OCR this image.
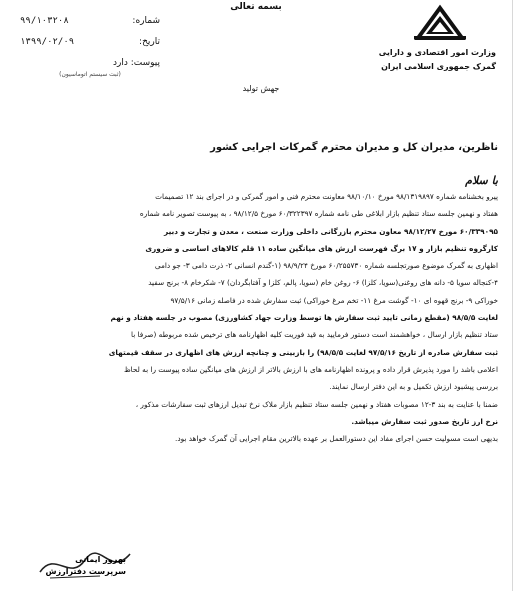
بسمه تعالی
شماره:
۹۹/۱۰۳۲۰۸
تاریخ:
۱۳۹۹/۰۲/۰۹
پیوست: دارد
(ثبت سیستم اتوماسیون)
وزارت امور اقتصادی و دارایی
گمرک جمهوری اسلامی ایران
جهش تولید
ناظرین، مدیران کل و مدیران محترم گمرکات اجرایی کشور
با سلام
پیرو بخشنامه شماره ۹۸/۱۳۱۹۸۹۷ مورخ ۹۸/۱۰/۱۰ معاونت محترم فنی و امور گمرکی و در اجرای بند ۱۲ تصمیمات
هفتاد و نهمین جلسه ستاد تنظیم بازار ابلاغی طی نامه شماره ۶۰/۳۲۲۳۹۷ مورخ ۹۸/۱۲/۵ ، به پیوست تصویر نامه شماره
۶۰/۳۳۹۰۹۵ مورخ ۹۸/۱۲/۲۷ معاون محترم بازرگانی داخلی وزارت صنعت ، معدن و تجارت و دبیر
کارگروه تنظیم بازار و ۱۷ برگ فهرست ارزش های میانگین ساده ۱۱ قلم کالاهای اساسی و ضروری
اظهاری به گمرک موضوع صورتجلسه شماره ۶۰/۲۵۵۷۳۰ مورخ ۹۸/۹/۲۴ (۱-گندم انسانی ۲- ذرت دامی ۳- جو دامی
۴-کنجاله سویا ۵- دانه های روغنی(سویا، کلزا) ۶- روغن خام (سویا، پالم، کلزا و آفتابگردان) ۷- شکرخام ۸- برنج سفید
خوراکی ۹- برنج قهوه ای ۱۰- گوشت مرغ ۱۱- تخم مرغ خوراکی) ثبت سفارش شده در فاصله زمانی ۹۷/۵/۱۶
لغایت ۹۸/۵/۵ (مقطع زمانی تایید ثبت سفارش ها توسط وزارت جهاد کشاورزی) مصوب در جلسه هفتاد و نهم
ستاد تنظیم بازار ارسال ، خواهشمند است دستور فرمایید به قید فوریت کلیه اظهارنامه های ترخیص شده مربوطه (صرفا با
ثبت سفارش صادره از تاریخ ۹۷/۵/۱۶ لغایت ۹۸/۵/۵) را بازبینی و چنانچه ارزش های اظهاری در سقف قیمتهای
اعلامی باشد را مورد پذیرش قرار داده و پرونده اظهارنامه های با ارزش بالاتر از ارزش های میانگین ساده پیوست را به لحاظ
بررسی پیشبود ارزش تکمیل و به این دفتر ارسال نمایند.
ضمنا با عنایت به بند ۳-۱۲ مصوبات هفتاد و نهمین جلسه ستاد تنظیم بازار ملاک نرخ تبدیل ارزهای ثبت سفارشات مذکور ،
نرخ ارز تاریخ صدور ثبت سفارش میباشد.
بدیهی است مسولیت حسن اجرای مفاد این دستورالعمل بر عهده بالاترین مقام اجرایی آن گمرک خواهد بود.
بهروز ایمانی
سرپرست دفترارزش
